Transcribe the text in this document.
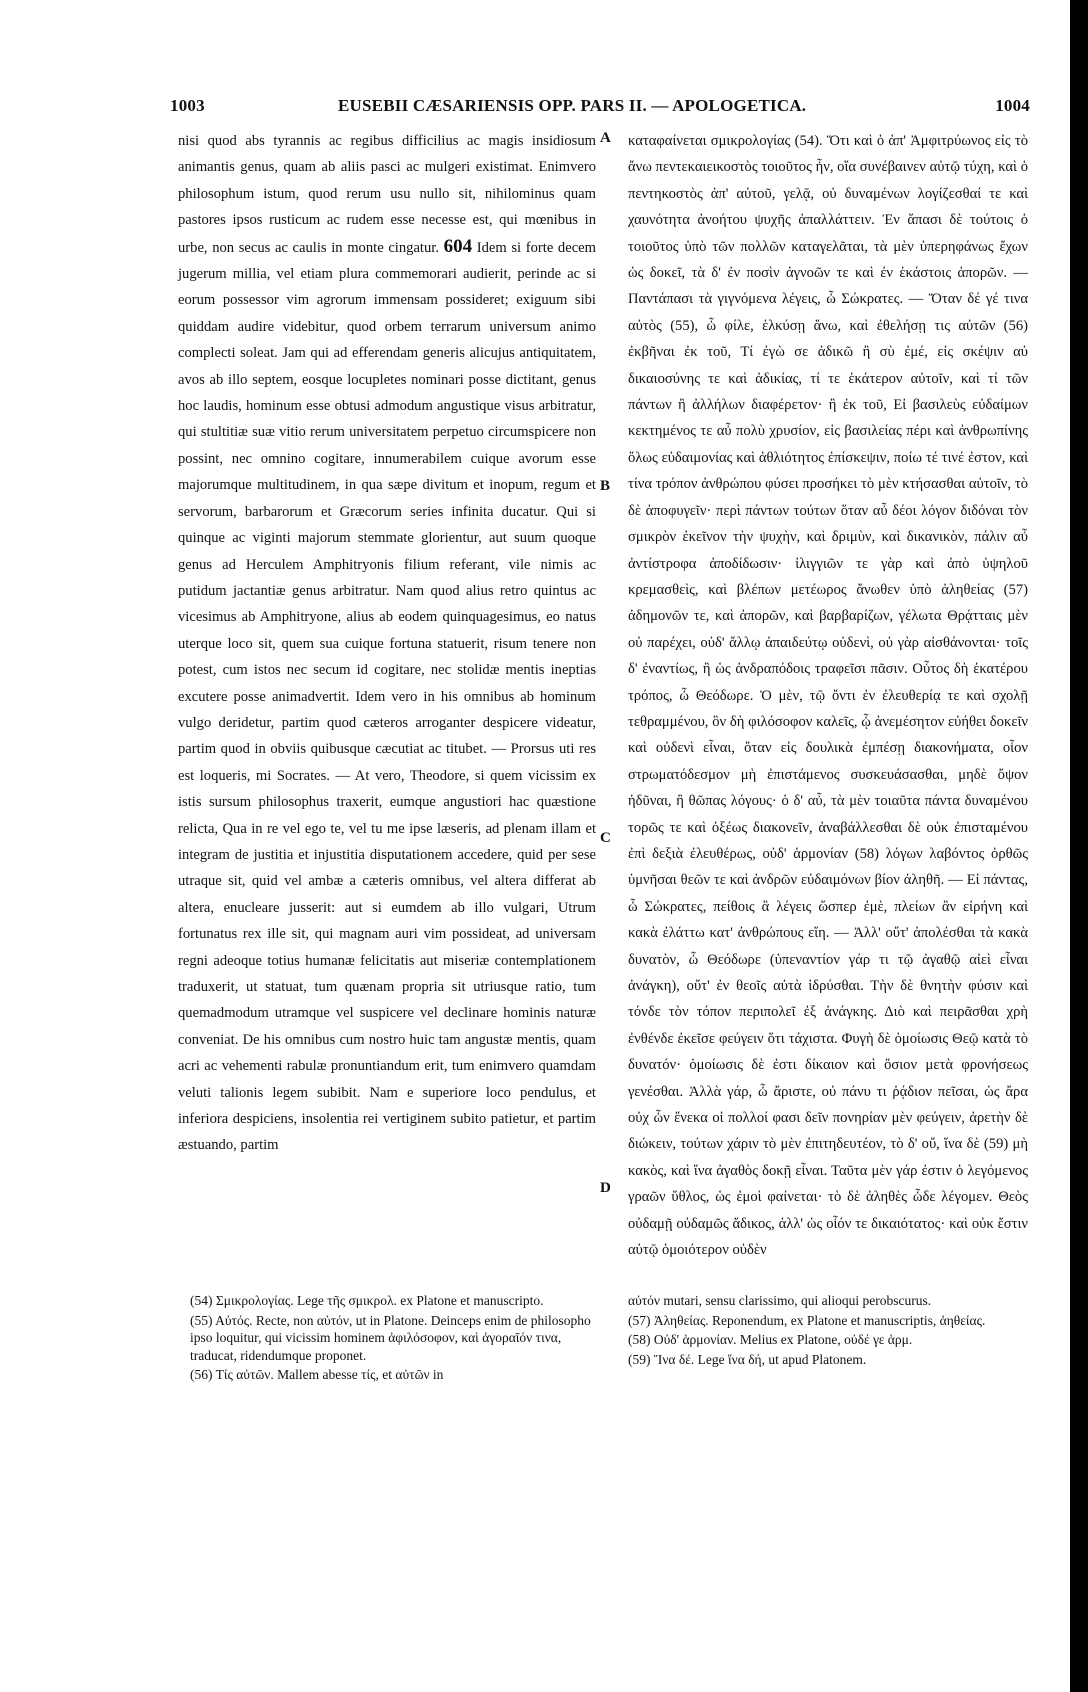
1003	EUSEBII CÆSARIENSIS OPP. PARS II. — APOLOGETICA.	1004

nisi quod abs tyrannis ac regibus difficilius ac magis insidiosum animantis genus, quam ab aliis pasci ac mulgeri existimat. Enimvero philosophum istum, quod rerum usu nullo sit, nihilominus quam pastores ipsos rusticum ac rudem esse necesse est, qui mœnibus in urbe, non secus ac caulis in monte cingatur. 604 Idem si forte decem jugerum millia, vel etiam plura commemorari audierit, perinde ac si eorum possessor vim agrorum immensam possideret; exiguum sibi quiddam audire videbitur, quod orbem terrarum universum animo complecti soleat. Jam qui ad efferendam generis alicujus antiquitatem, avos ab illo septem, eosque locupletes nominari posse dictitant, genus hoc laudis, hominum esse obtusi admodum angustique visus arbitratur, qui stultitiæ suæ vitio rerum universitatem perpetuo circumspicere non possint, nec omnino cogitare, innumerabilem cuique avorum esse majorumque multitudinem, in qua sæpe divitum et inopum, regum et servorum, barbarorum et Græcorum series infinita ducatur. Qui si quinque ac viginti majorum stemmate glorientur, aut suum quoque genus ad Herculem Amphitryonis filium referant, vile nimis ac putidum jactantiæ genus arbitratur. Nam quod alius retro quintus ac vicesimus ab Amphitryone, alius ab eodem quinquagesimus, eo natus uterque loco sit, quem sua cuique fortuna statuerit, risum tenere non potest, cum istos nec secum id cogitare, nec stolidæ mentis ineptias excutere posse animadvertit. Idem vero in his omnibus ab hominum vulgo deridetur, partim quod cæteros arroganter despicere videatur, partim quod in obviis quibusque cæcutiat ac titubet. — Prorsus uti res est loqueris, mi Socrates. — At vero, Theodore, si quem vicissim ex istis sursum philosophus traxerit, eumque angustiori hac quæstione relicta, Qua in re vel ego te, vel tu me ipse læseris, ad plenam illam et integram de justitia et injustitia disputationem accedere, quid per sese utraque sit, quid vel ambæ a cæteris omnibus, vel altera differat ab altera, enucleare jusserit: aut si eumdem ab illo vulgari, Utrum fortunatus rex ille sit, qui magnam auri vim possideat, ad universam regni adeoque totius humanæ felicitatis aut miseriæ contemplationem traduxerit, ut statuat, tum quænam propria sit utriusque ratio, tum quemadmodum utramque vel suspicere vel declinare hominis naturæ conveniat. De his omnibus cum nostro huic tam angustæ mentis, quam acri ac vehementi rabulæ pronuntiandum erit, tum enimvero quamdam veluti talionis legem subibit. Nam e superiore loco pendulus, et inferiora despiciens, insolentia rei vertiginem subito patietur, et partim æstuando, partim

A
B
C
D

καταφαίνεται σμικρολογίας (54). Ὅτι καὶ ὁ ἀπ' Ἀμφιτρύωνος εἰς τὸ ἄνω πεντεκαιεικοστὸς τοιοῦτος ἦν, οἵα συνέβαινεν αὐτῷ τύχη, καὶ ὁ πεντηκοστὸς ἀπ' αὐτοῦ, γελᾷ, οὐ δυναμένων λογίζεσθαί τε καὶ χαυνότητα ἀνοήτου ψυχῆς ἀπαλλάττειν. Ἐν ἅπασι δὲ τούτοις ὁ τοιοῦτος ὑπὸ τῶν πολλῶν καταγελᾶται, τὰ μὲν ὑπερηφάνως ἔχων ὡς δοκεῖ, τὰ δ' ἐν ποσὶν ἀγνοῶν τε καὶ ἐν ἑκάστοις ἀπορῶν. — Παντάπασι τὰ γιγνόμενα λέγεις, ὦ Σώκρατες. — Ὅταν δέ γέ τινα αὐτὸς (55), ὦ φίλε, ἑλκύσῃ ἄνω, καὶ ἐθελήσῃ τις αὐτῶν (56) ἐκβῆναι ἐκ τοῦ, Τί ἐγὼ σε ἀδικῶ ἢ σὺ ἐμέ, εἰς σκέψιν αὐ δικαιοσύνης τε καὶ ἀδικίας, τί τε ἑκάτερον αὐτοῖν, καὶ τί τῶν πάντων ἢ ἀλλήλων διαφέρετον· ἢ ἐκ τοῦ, Εἰ βασιλεὺς εὐδαίμων κεκτημένος τε αὖ πολὺ χρυσίον, εἰς βασιλείας πέρι καὶ ἀνθρωπίνης ὅλως εὐδαιμονίας καὶ ἀθλιότητος ἐπίσκεψιν, ποίω τέ τινέ ἐστον, καὶ τίνα τρόπον ἀνθρώπου φύσει προσήκει τὸ μὲν κτήσασθαι αὐτοῖν, τὸ δὲ ἀποφυγεῖν· περὶ πάντων τούτων ὅταν αὖ δέοι λόγον διδόναι τὸν σμικρὸν ἐκεῖνον τὴν ψυχὴν, καὶ δριμὺν, καὶ δικανικὸν, πάλιν αὖ ἀντίστροφα ἀποδίδωσιν· ἰλιγγιῶν τε γὰρ καὶ ἀπὸ ὑψηλοῦ κρεμασθεὶς, καὶ βλέπων μετέωρος ἄνωθεν ὑπὸ ἀληθείας (57) ἀδημονῶν τε, καὶ ἀπορῶν, καὶ βαρβαρίζων, γέλωτα Θρᾴτταις μὲν οὐ παρέχει, οὐδ' ἄλλῳ ἀπαιδεύτῳ οὐδενὶ, οὐ γὰρ αἰσθάνονται· τοῖς δ' ἐναντίως, ἢ ὡς ἀνδραπόδοις τραφεῖσι πᾶσιν. Οὗτος δὴ ἑκατέρου τρόπος, ὦ Θεόδωρε. Ὁ μὲν, τῷ ὄντι ἐν ἐλευθερίᾳ τε καὶ σχολῇ τεθραμμένου, ὃν δὴ φιλόσοφον καλεῖς, ᾧ ἀνεμέσητον εὐήθει δοκεῖν καὶ οὐδενὶ εἶναι, ὅταν εἰς δουλικὰ ἐμπέσῃ διακονήματα, οἷον στρωματόδεσμον μὴ ἐπιστάμενος συσκευάσασθαι, μηδὲ ὄψον ἡδῦναι, ἢ θῶπας λόγους· ὁ δ' αὖ, τὰ μὲν τοιαῦτα πάντα δυναμένου τορῶς τε καὶ ὀξέως διακονεῖν, ἀναβάλλεσθαι δὲ οὐκ ἐπισταμένου ἐπὶ δεξιὰ ἐλευθέρως, οὐδ' ἁρμονίαν (58) λόγων λαβόντος ὀρθῶς ὑμνῆσαι θεῶν τε καὶ ἀνδρῶν εὐδαιμόνων βίον ἀληθῆ. — Εἰ πάντας, ὦ Σώκρατες, πείθοις ἃ λέγεις ὥσπερ ἐμὲ, πλείων ἂν εἰρήνη καὶ κακὰ ἐλάττω κατ' ἀνθρώπους εἴη. — Ἀλλ' οὔτ' ἀπολέσθαι τὰ κακὰ δυνατὸν, ὦ Θεόδωρε (ὑπεναντίον γάρ τι τῷ ἀγαθῷ αἰεὶ εἶναι ἀνάγκη), οὔτ' ἐν θεοῖς αὐτὰ ἱδρύσθαι. Τὴν δὲ θνητὴν φύσιν καὶ τόνδε τὸν τόπον περιπολεῖ ἐξ ἀνάγκης. Διὸ καὶ πειρᾶσθαι χρὴ ἐνθένδε ἐκεῖσε φεύγειν ὅτι τάχιστα. Φυγὴ δὲ ὁμοίωσις Θεῷ κατὰ τὸ δυνατόν· ὁμοίωσις δὲ ἐστι δίκαιον καὶ ὅσιον μετὰ φρονήσεως γενέσθαι. Ἀλλὰ γάρ, ὦ ἄριστε, οὐ πάνυ τι ῥᾴδιον πεῖσαι, ὡς ἄρα οὐχ ὧν ἕνεκα οἱ πολλοί φασι δεῖν πονηρίαν μὲν φεύγειν, ἀρετὴν δὲ διώκειν, τούτων χάριν τὸ μὲν ἐπιτηδευτέον, τὸ δ' οὔ, ἵνα δὲ (59) μὴ κακὸς, καὶ ἵνα ἀγαθὸς δοκῇ εἶναι. Ταῦτα μὲν γάρ ἐστιν ὁ λεγόμενος γραῶν ὕθλος, ὡς ἐμοὶ φαίνεται· τὸ δὲ ἀληθὲς ὧδε λέγομεν. Θεὸς οὐδαμῇ οὐδαμῶς ἄδικος, ἀλλ' ὡς οἷόν τε δικαιότατος· καὶ οὐκ ἔστιν αὐτῷ ὁμοιότερον οὐδὲν

(54) Σμικρολογίας. Lege τῆς σμικρολ. ex Platone et manuscripto.

(55) Αὐτός. Recte, non αὐτόν, ut in Platone. Deinceps enim de philosopho ipso loquitur, qui vicissim hominem ἀφιλόσοφον, καὶ ἀγοραῖόν τινα, traducat, ridendumque proponet.

(56) Τίς αὐτῶν. Mallem abesse τίς, et αὐτῶν in

αὐτόν mutari, sensu clarissimo, qui alioqui perobscurus.

(57) Ἀληθείας. Reponendum, ex Platone et manuscriptis, ἀηθείας.

(58) Οὐδ' ἁρμονίαν. Melius ex Platone, οὐδέ γε ἁρμ.

(59) Ἵνα δέ. Lege ἵνα δή, ut apud Platonem.
